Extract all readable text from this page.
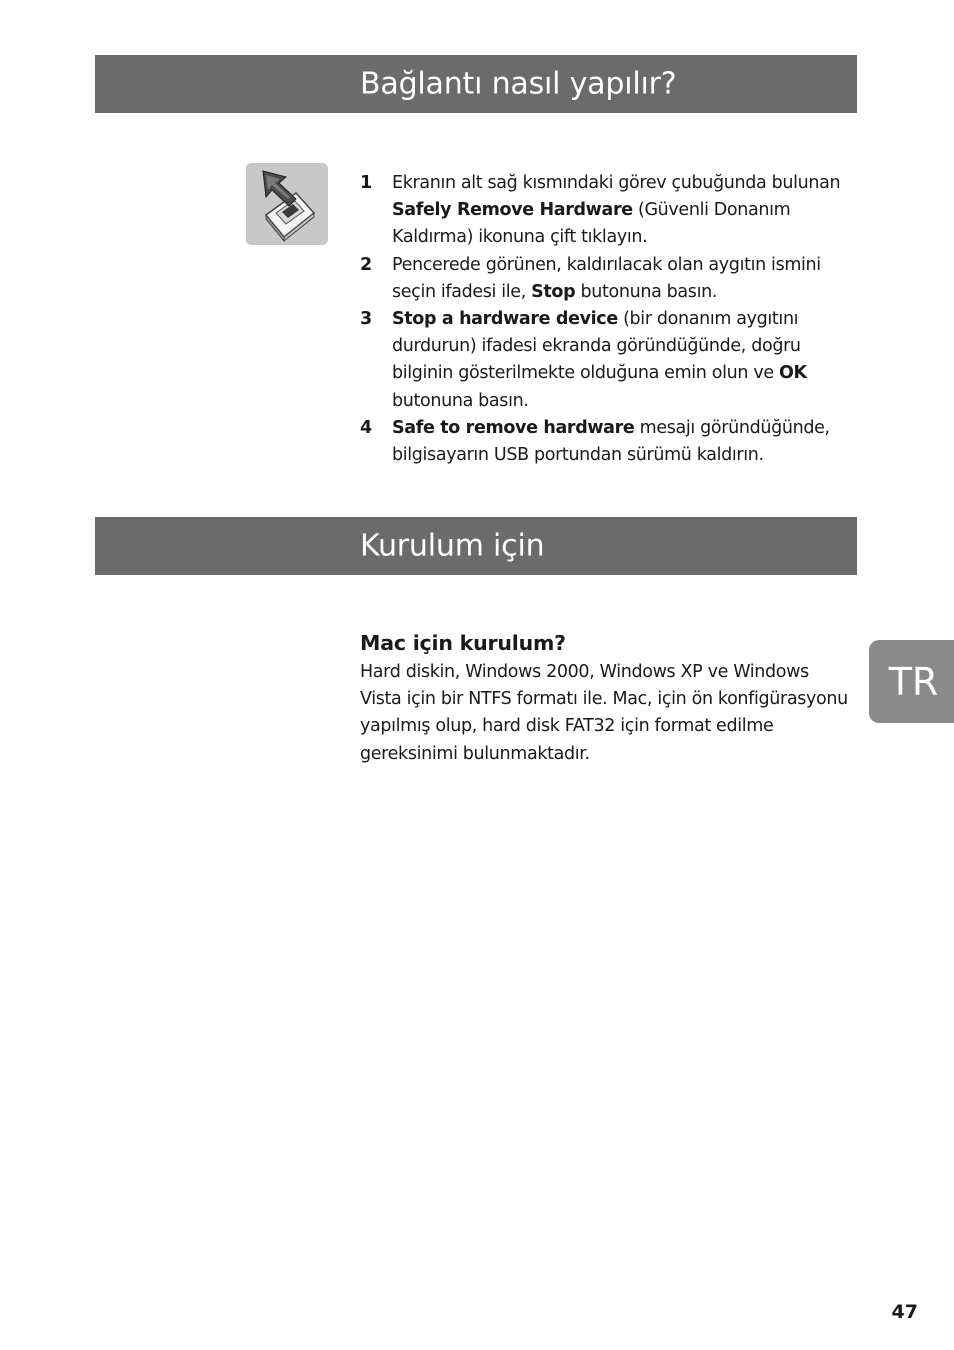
Bağlantı nasıl yapılır?
1 Ekranın alt sağ kısmındaki görev çubuğunda bulunan Safely Remove Hardware (Güvenli Donanım Kaldırma) ikonuna çift tıklayın.
2 Pencerede görünen, kaldırılacak olan aygıtın ismini seçin ifadesi ile, Stop butonuna basın.
3 Stop a hardware device (bir donanım aygıtını durdurun) ifadesi ekranda göründüğünde, doğru bilginin gösterilmekte olduğuna emin olun ve OK butonuna basın.
4 Safe to remove hardware mesajı göründüğünde, bilgisayarın USB portundan sürümü kaldırın.
Kurulum için
Mac için kurulum?

Hard diskin, Windows 2000, Windows XP ve Windows Vista için bir NTFS formatı ile. Mac, için ön konfigürasyonu yapılmış olup, hard disk FAT32 için format edilme gereksinimi bulunmaktadır.

TR
47
